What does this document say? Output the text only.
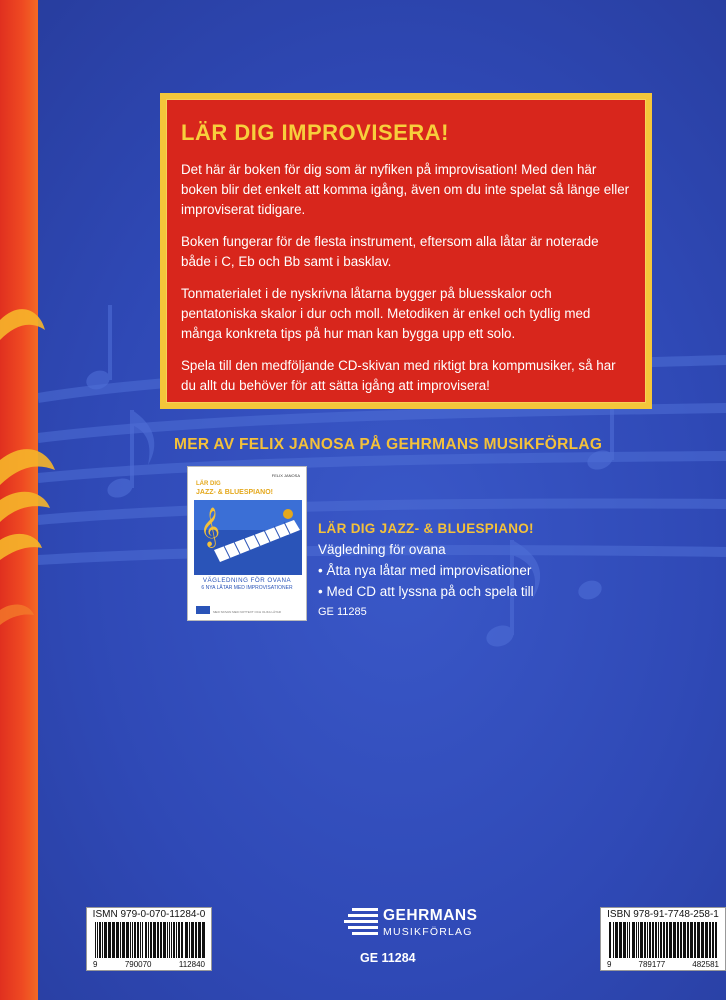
LÄR DIG IMPROVISERA!

Det här är boken för dig som är nyfiken på improvisation! Med den här boken blir det enkelt att komma igång, även om du inte spelat så länge eller improviserat tidigare.

Boken fungerar för de flesta instrument, eftersom alla låtar är noterade både i C, Eb och Bb samt i basklav.

Tonmaterialet i de nyskrivna låtarna bygger på bluesskalor och pentatoniska skalor i dur och moll. Metodiken är enkel och tydlig med många konkreta tips på hur man kan bygga upp ett solo.

Spela till den medföljande CD-skivan med riktigt bra kompmusiker, så har du allt du behöver för att sätta igång att improvisera!

MER AV FELIX JANOSA PÅ GEHRMANS MUSIKFÖRLAG
FELIX JANOSA
LÄR DIG
JAZZ- & BLUESPIANO!
𝄞
VÄGLEDNING FÖR OVANA
6 NYA LÅTAR MED IMPROVISATIONER
MED SKIVAN MED NOTTEXT OCH OLIKA LÅTAR
LÄR DIG JAZZ- & BLUESPIANO!
Vägledning för ovana
• Åtta nya låtar med improvisationer
• Med CD att lyssna på och spela till
GE 11285
ISMN 979-0-070-11284-0
9	790070	112840
GEHRMANS
MUSIKFÖRLAG
GE 11284
ISBN 978-91-7748-258-1
9	789177	482581
